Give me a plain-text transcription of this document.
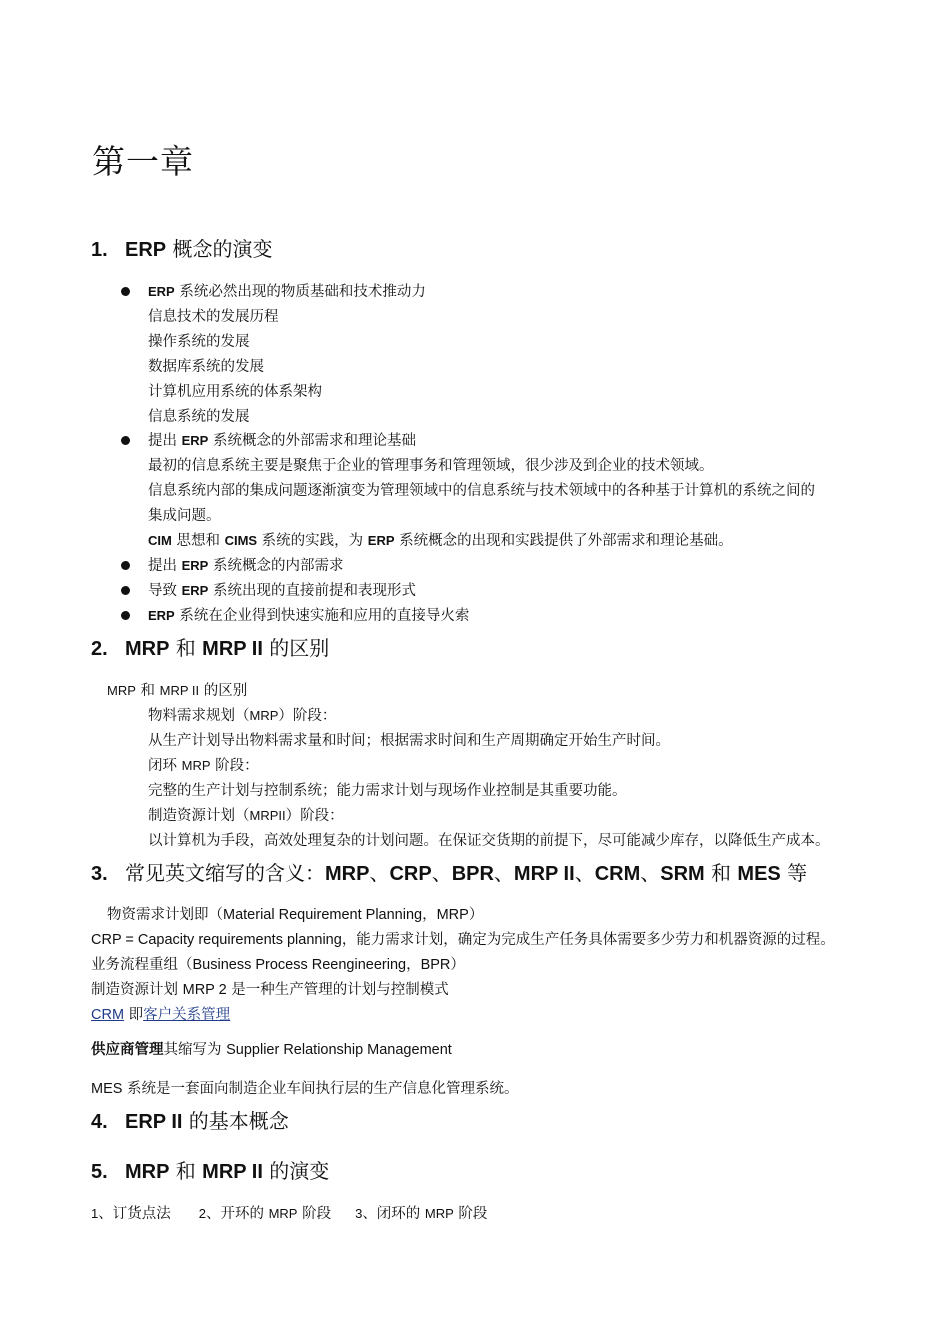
第一章
1. ERP 概念的演变
ERP 系统必然出现的物质基础和技术推动力
信息技术的发展历程
操作系统的发展
数据库系统的发展
计算机应用系统的体系架构
信息系统的发展
提出 ERP 系统概念的外部需求和理论基础
最初的信息系统主要是聚焦于企业的管理事务和管理领域，很少涉及到企业的技术领域。
信息系统内部的集成问题逐渐演变为管理领域中的信息系统与技术领域中的各种基于计算机的系统之间的
集成问题。
CIM 思想和 CIMS 系统的实践，为 ERP 系统概念的出现和实践提供了外部需求和理论基础。
提出 ERP 系统概念的内部需求
导致 ERP 系统出现的直接前提和表现形式
ERP 系统在企业得到快速实施和应用的直接导火索
2. MRP 和 MRP II 的区别
MRP 和 MRP II 的区别
物料需求规划（MRP）阶段：
从生产计划导出物料需求量和时间；根据需求时间和生产周期确定开始生产时间。
闭环 MRP 阶段：
完整的生产计划与控制系统；能力需求计划与现场作业控制是其重要功能。
制造资源计划（MRPII）阶段：
以计算机为手段，高效处理复杂的计划问题。在保证交货期的前提下，尽可能减少库存，以降低生产成本。
3. 常见英文缩写的含义：MRP、CRP、BPR、MRP II、CRM、SRM 和 MES 等
物资需求计划即（Material Requirement Planning，MRP）
CRP = Capacity requirements planning，能力需求计划，确定为完成生产任务具体需要多少劳力和机器资源的过程。
业务流程重组（Business Process Reengineering，BPR）
制造资源计划 MRP 2 是一种生产管理的计划与控制模式
CRM 即客户关系管理
供应商管理其缩写为 Supplier Relationship Management
MES 系统是一套面向制造企业车间执行层的生产信息化管理系统。
4. ERP II 的基本概念
5. MRP 和 MRP II 的演变
1、订货点法 2、开环的 MRP 阶段 3、闭环的 MRP 阶段
